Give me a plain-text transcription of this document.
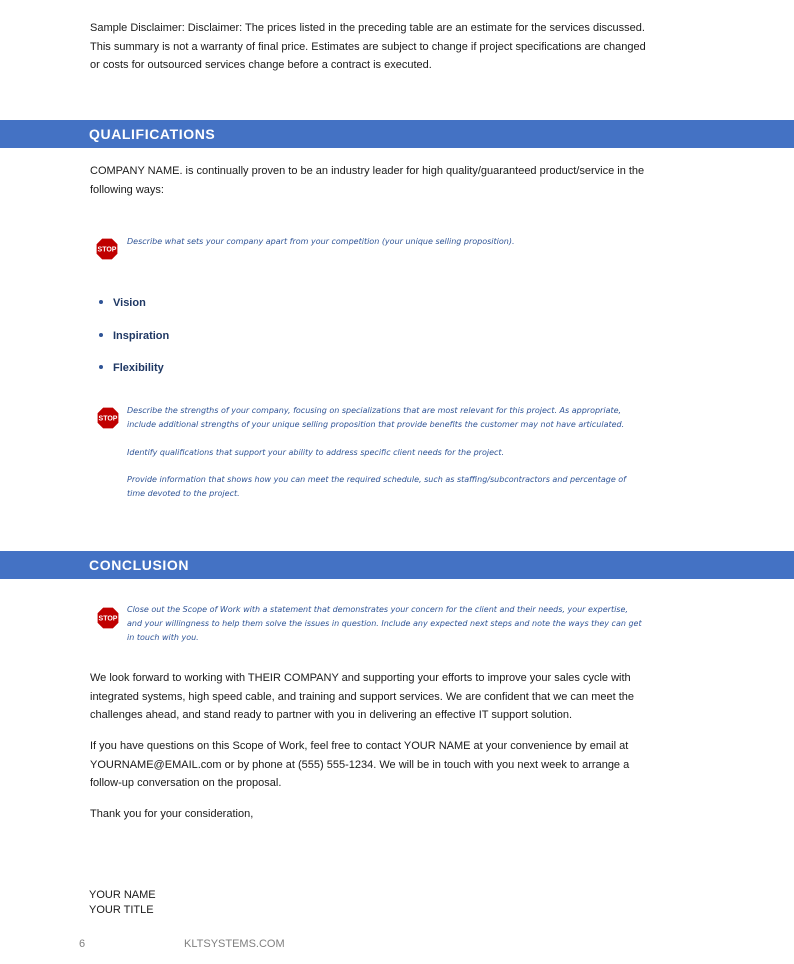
Sample Disclaimer: Disclaimer: The prices listed in the preceding table are an estimate for the services discussed.
This summary is not a warranty of final price. Estimates are subject to change if project specifications are changed
or costs for outsourced services change before a contract is executed.

QUALIFICATIONS

COMPANY NAME. is continually proven to be an industry leader for high quality/guaranteed product/service in the
following ways:

STOP

Describe what sets your company apart from your competition (your unique selling proposition).

Vision
Inspiration
Flexibility
STOP

Describe the strengths of your company, focusing on specializations that are most relevant for this project. As appropriate,
include additional strengths of your unique selling proposition that provide benefits the customer may not have articulated.

Identify qualifications that support your ability to address specific client needs for the project.

Provide information that shows how you can meet the required schedule, such as staffing/subcontractors and percentage of
time devoted to the project.

CONCLUSION
STOP

Close out the Scope of Work with a statement that demonstrates your concern for the client and their needs, your expertise,
and your willingness to help them solve the issues in question. Include any expected next steps and note the ways they can get
in touch with you.

We look forward to working with THEIR COMPANY and supporting your efforts to improve your sales cycle with
integrated systems, high speed cable, and training and support services. We are confident that we can meet the
challenges ahead, and stand ready to partner with you in delivering an effective IT support solution.

If you have questions on this Scope of Work, feel free to contact YOUR NAME at your convenience by email at
YOURNAME@EMAIL.com or by phone at (555) 555-1234. We will be in touch with you next week to arrange a
follow-up conversation on the proposal.

Thank you for your consideration,

YOUR NAME
YOUR TITLE
6	KLTSYSTEMS.COM
